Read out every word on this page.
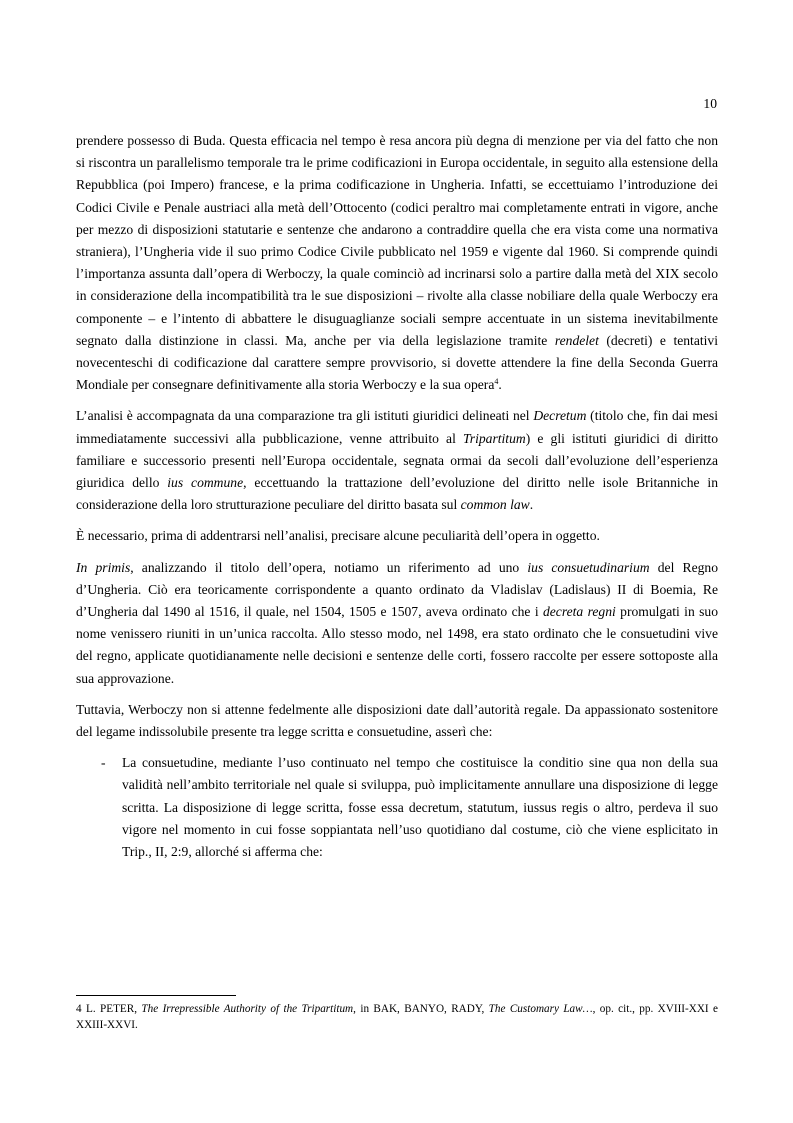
10

prendere possesso di Buda. Questa efficacia nel tempo è resa ancora più degna di menzione per via del fatto che non si riscontra un parallelismo temporale tra le prime codificazioni in Europa occidentale, in seguito alla estensione della Repubblica (poi Impero) francese, e la prima codificazione in Ungheria. Infatti, se eccettuiamo l’introduzione dei Codici Civile e Penale austriaci alla metà dell’Ottocento (codici peraltro mai completamente entrati in vigore, anche per mezzo di disposizioni statutarie e sentenze che andarono a contraddire quella che era vista come una normativa straniera), l’Ungheria vide il suo primo Codice Civile pubblicato nel 1959 e vigente dal 1960. Si comprende quindi l’importanza assunta dall’opera di Werboczy, la quale cominciò ad incrinarsi solo a partire dalla metà del XIX secolo in considerazione della incompatibilità tra le sue disposizioni – rivolte alla classe nobiliare della quale Werboczy era componente – e l’intento di abbattere le disuguaglianze sociali sempre accentuate in un sistema inevitabilmente segnato dalla distinzione in classi. Ma, anche per via della legislazione tramite rendelet (decreti) e tentativi novecenteschi di codificazione dal carattere sempre provvisorio, si dovette attendere la fine della Seconda Guerra Mondiale per consegnare definitivamente alla storia Werboczy e la sua opera$^4$.

L’analisi è accompagnata da una comparazione tra gli istituti giuridici delineati nel Decretum (titolo che, fin dai mesi immediatamente successivi alla pubblicazione, venne attribuito al Tripartitum) e gli istituti giuridici di diritto familiare e successorio presenti nell’Europa occidentale, segnata ormai da secoli dall’evoluzione dell’esperienza giuridica dello ius commune, eccettuando la trattazione dell’evoluzione del diritto nelle isole Britanniche in considerazione della loro strutturazione peculiare del diritto basata sul common law.

È necessario, prima di addentrarsi nell’analisi, precisare alcune peculiarità dell’opera in oggetto.

In primis, analizzando il titolo dell’opera, notiamo un riferimento ad uno ius consuetudinarium del Regno d’Ungheria. Ciò era teoricamente corrispondente a quanto ordinato da Vladislav (Ladislaus) II di Boemia, Re d’Ungheria dal 1490 al 1516, il quale, nel 1504, 1505 e 1507, aveva ordinato che i decreta regni promulgati in suo nome venissero riuniti in un’unica raccolta. Allo stesso modo, nel 1498, era stato ordinato che le consuetudini vive del regno, applicate quotidianamente nelle decisioni e sentenze delle corti, fossero raccolte per essere sottoposte alla sua approvazione.

Tuttavia, Werboczy non si attenne fedelmente alle disposizioni date dall’autorità regale. Da appassionato sostenitore del legame indissolubile presente tra legge scritta e consuetudine, asserì che:

- La consuetudine, mediante l’uso continuato nel tempo che costituisce la conditio sine qua non della sua validità nell’ambito territoriale nel quale si sviluppa, può implicitamente annullare una disposizione di legge scritta. La disposizione di legge scritta, fosse essa decretum, statutum, iussus regis o altro, perdeva il suo vigore nel momento in cui fosse soppiantata nell’uso quotidiano dal costume, ciò che viene esplicitato in Trip., II, 2:9, allorché si afferma che:
4 L. PETER, The Irrepressible Authority of the Tripartitum, in BAK, BANYO, RADY, The Customary Law…, op. cit., pp. XVIII-XXI e XXIII-XXVI.
